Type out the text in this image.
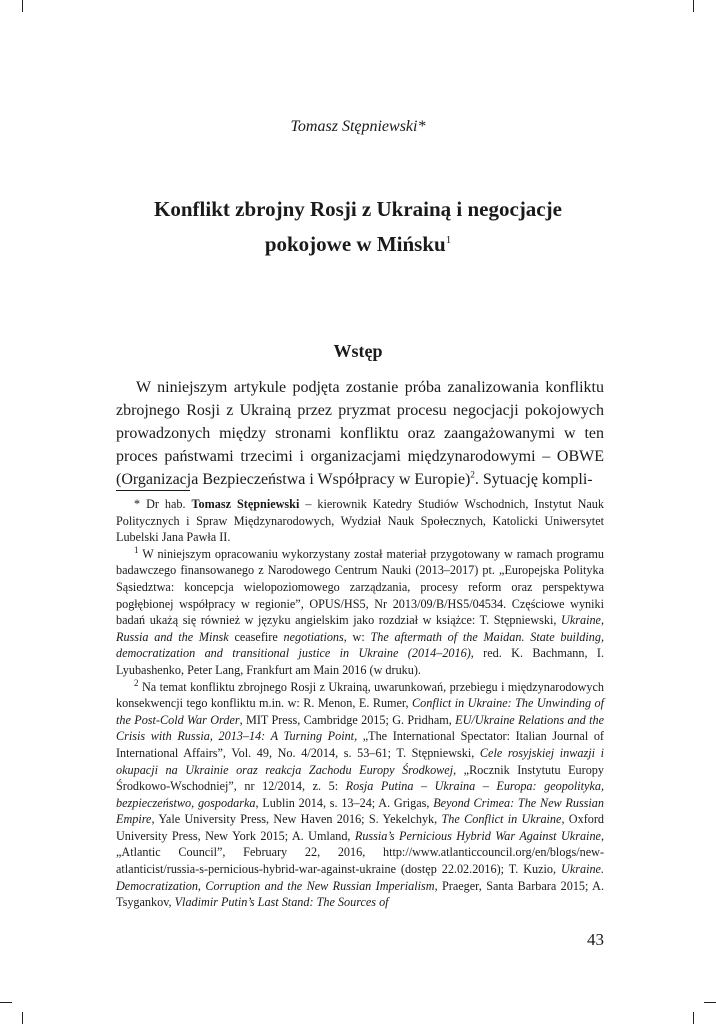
Tomasz Stępniewski*
Konflikt zbrojny Rosji z Ukrainą i negocjacje
pokojowe w Mińsku$^1$
Wstęp

W niniejszym artykule podjęta zostanie próba zanalizowania konfliktu zbrojnego Rosji z Ukrainą przez pryzmat procesu negocjacji pokojowych prowadzonych między stronami konfliktu oraz zaangażowanymi w ten proces państwami trzecimi i organizacjami międzynarodowymi – OBWE (Organizacja Bezpieczeństwa i Współpracy w Europie)$^2$. Sytuację kompli-

* Dr hab. Tomasz Stępniewski – kierownik Katedry Studiów Wschodnich, Instytut Nauk Politycznych i Spraw Międzynarodowych, Wydział Nauk Społecznych, Katolicki Uniwersytet Lubelski Jana Pawła II.

$^1$ W niniejszym opracowaniu wykorzystany został materiał przygotowany w ramach programu badawczego finansowanego z Narodowego Centrum Nauki (2013–2017) pt. „Europejska Polityka Sąsiedztwa: koncepcja wielopoziomowego zarządzania, procesy reform oraz perspektywa pogłębionej współpracy w regionie”, OPUS/HS5, Nr 2013/09/B/HS5/04534. Częściowe wyniki badań ukażą się również w języku angielskim jako rozdział w książce: T. Stępniewski, Ukraine, Russia and the Minsk ceasefire negotiations, w: The aftermath of the Maidan. State building, democratization and transitional justice in Ukraine (2014–2016), red. K. Bachmann, I. Lyubashenko, Peter Lang, Frankfurt am Main 2016 (w druku).

$^2$ Na temat konfliktu zbrojnego Rosji z Ukrainą, uwarunkowań, przebiegu i międzynarodowych konsekwencji tego konfliktu m.in. w: R. Menon, E. Rumer, Conflict in Ukraine: The Unwinding of the Post-Cold War Order, MIT Press, Cambridge 2015; G. Pridham, EU/Ukraine Relations and the Crisis with Russia, 2013–14: A Turning Point, „The International Spectator: Italian Journal of International Affairs”, Vol. 49, No. 4/2014, s. 53–61; T. Stępniewski, Cele rosyjskiej inwazji i okupacji na Ukrainie oraz reakcja Zachodu Europy Środkowej, „Rocznik Instytutu Europy Środkowo-Wschodniej”, nr 12/2014, z. 5: Rosja Putina – Ukraina – Europa: geopolityka, bezpieczeństwo, gospodarka, Lublin 2014, s. 13–24; A. Grigas, Beyond Crimea: The New Russian Empire, Yale University Press, New Haven 2016; S. Yekelchyk, The Conflict in Ukraine, Oxford University Press, New York 2015; A. Umland, Russia’s Pernicious Hybrid War Against Ukraine, „Atlantic Council”, February 22, 2016, http://www.atlanticcouncil.org/en/blogs/new-atlanticist/russia-s-pernicious-hybrid-war-against-ukraine (dostęp 22.02.2016); T. Kuzio, Ukraine. Democratization, Corruption and the New Russian Imperialism, Praeger, Santa Barbara 2015; A. Tsygankov, Vladimir Putin’s Last Stand: The Sources of

43
